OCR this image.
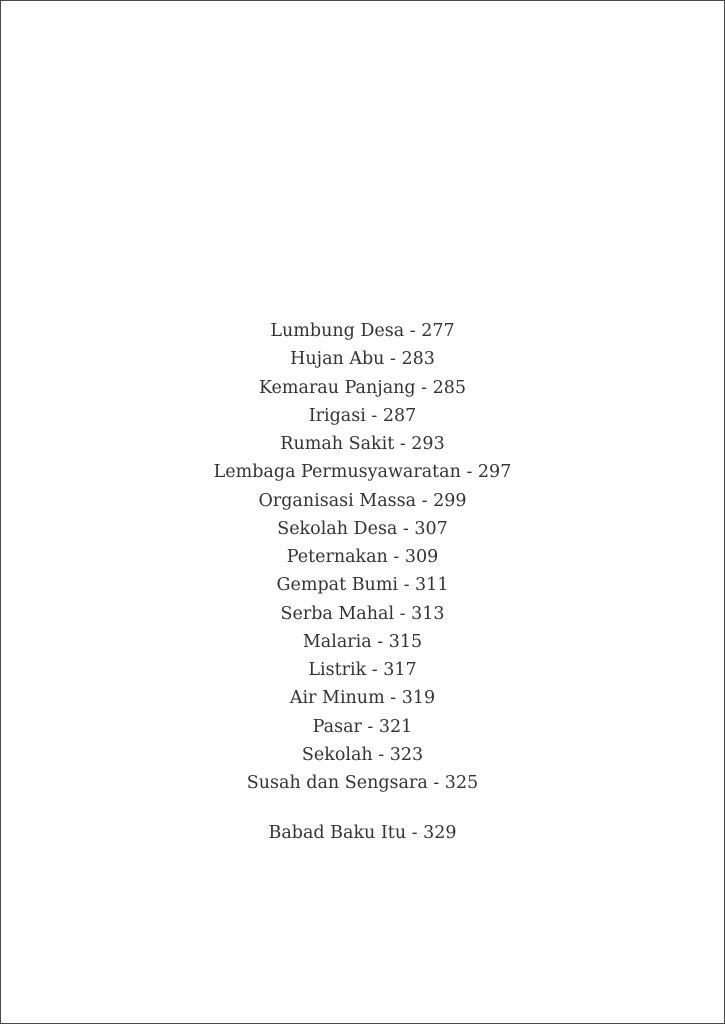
Lumbung Desa - 277
Hujan Abu - 283
Kemarau Panjang - 285
Irigasi - 287
Rumah Sakit - 293
Lembaga Permusyawaratan - 297
Organisasi Massa - 299
Sekolah Desa - 307
Peternakan - 309
Gempat Bumi - 311
Serba Mahal - 313
Malaria - 315
Listrik - 317
Air Minum - 319
Pasar - 321
Sekolah - 323
Susah dan Sengsara - 325
Babad Baku Itu - 329
